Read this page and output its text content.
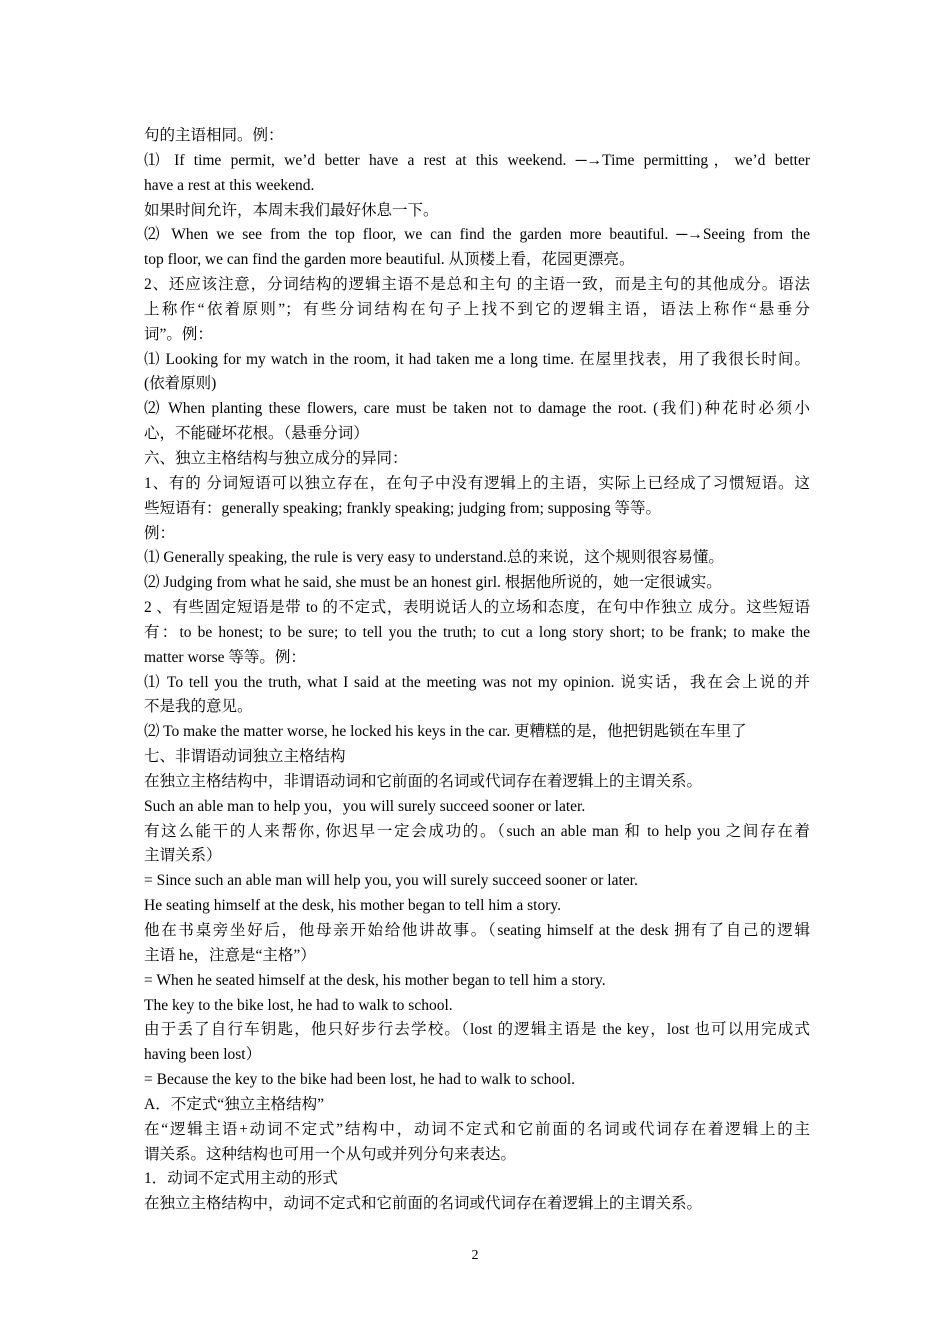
句的主语相同。例：
⑴ If time permit, we’d better have a rest at this weekend. ─→Time permitting，we’d better
have a rest at this weekend.
如果时间允许，本周末我们最好休息一下。
⑵ When we see from the top floor, we can find the garden more beautiful. ─→Seeing from the
top floor, we can find the garden more beautiful. 从顶楼上看，花园更漂亮。
2、还应该注意，分词结构的逻辑主语不是总和主句 的主语一致，而是主句的其他成分。语法
上称作“依着原则”；有些分词结构在句子上找不到它的逻辑主语，语法上称作“悬垂分
词”。例：
⑴ Looking for my watch in the room, it had taken me a long time. 在屋里找表，用了我很长时间。
(依着原则)
⑵ When planting these flowers, care must be taken not to damage the root. (我们)种花时必须小
心，不能碰坏花根。（悬垂分词）
六、独立主格结构与独立成分的异同：
1、有的 分词短语可以独立存在，在句子中没有逻辑上的主语，实际上已经成了习惯短语。这
些短语有：generally speaking; frankly speaking; judging from; supposing 等等。
例：
⑴ Generally speaking, the rule is very easy to understand.总的来说，这个规则很容易懂。
⑵ Judging from what he said, she must be an honest girl. 根据他所说的，她一定很诚实。
2 、有些固定短语是带 to 的不定式，表明说话人的立场和态度，在句中作独立 成分。这些短语
有：to be honest; to be sure; to tell you the truth; to cut a long story short; to be frank; to make the
matter worse 等等。例：
⑴ To tell you the truth, what I said at the meeting was not my opinion. 说实话，我在会上说的并
不是我的意见。
⑵ To make the matter worse, he locked his keys in the car. 更糟糕的是，他把钥匙锁在车里了
七、非谓语动词独立主格结构
在独立主格结构中，非谓语动词和它前面的名词或代词存在着逻辑上的主谓关系。
Such an able man to help you，you will surely succeed sooner or later.
有这么能干的人来帮你, 你迟早一定会成功的。（such an able man 和 to help you 之间存在着
主谓关系）
= Since such an able man will help you, you will surely succeed sooner or later.
He seating himself at the desk, his mother began to tell him a story.
他在书桌旁坐好后，他母亲开始给他讲故事。（seating himself at the desk 拥有了自己的逻辑
主语 he，注意是“主格”）
= When he seated himself at the desk, his mother began to tell him a story.
The key to the bike lost, he had to walk to school.
由于丢了自行车钥匙，他只好步行去学校。（lost 的逻辑主语是 the key，lost 也可以用完成式
having been lost）
= Because the key to the bike had been lost, he had to walk to school.
A．不定式“独立主格结构”
在“逻辑主语+动词不定式”结构中，动词不定式和它前面的名词或代词存在着逻辑上的主
谓关系。这种结构也可用一个从句或并列分句来表达。
1．动词不定式用主动的形式
在独立主格结构中，动词不定式和它前面的名词或代词存在着逻辑上的主谓关系。
2
